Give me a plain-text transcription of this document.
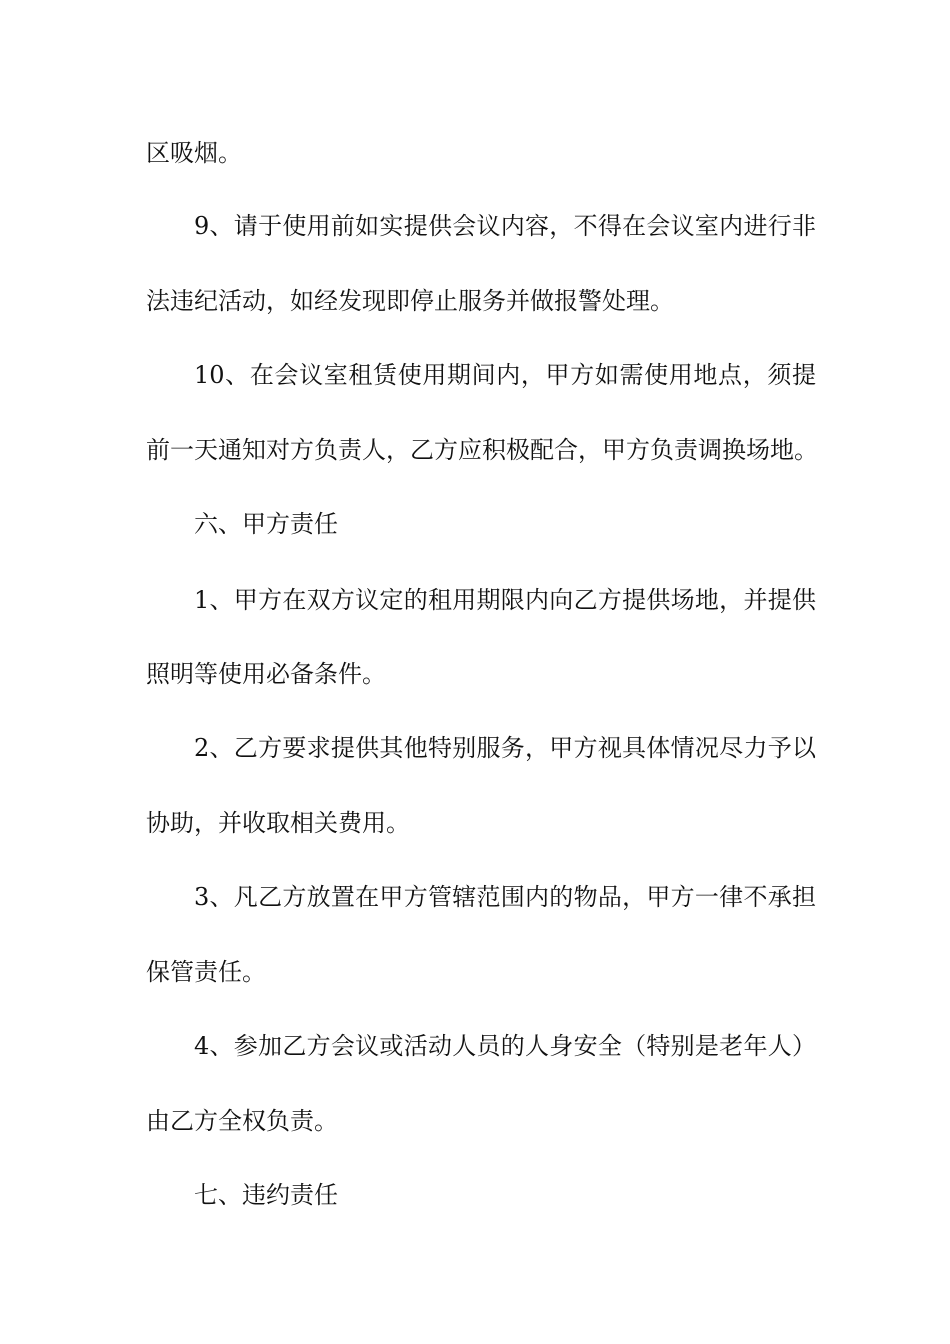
区吸烟。
9、请于使用前如实提供会议内容，不得在会议室内进行非
法违纪活动，如经发现即停止服务并做报警处理。
10、在会议室租赁使用期间内，甲方如需使用地点，须提
前一天通知对方负责人，乙方应积极配合，甲方负责调换场地。
六、甲方责任
1、甲方在双方议定的租用期限内向乙方提供场地，并提供
照明等使用必备条件。
2、乙方要求提供其他特别服务，甲方视具体情况尽力予以
协助，并收取相关费用。
3、凡乙方放置在甲方管辖范围内的物品，甲方一律不承担
保管责任。
4、参加乙方会议或活动人员的人身安全（特别是老年人）
由乙方全权负责。
七、违约责任
